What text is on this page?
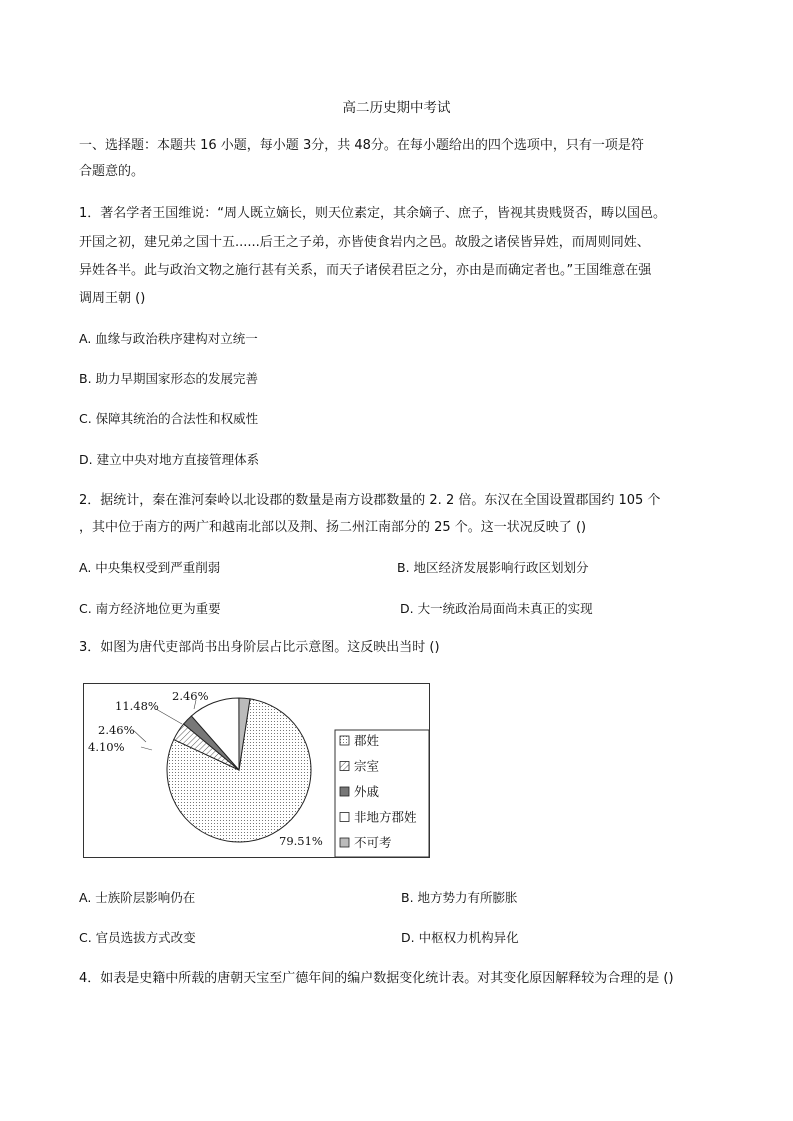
高二历史期中考试
一、选择题：本题共 16 小题，每小题 3分，共 48分。在每小题给出的四个选项中，只有一项是符
合题意的。
1．著名学者王国维说：“周人既立嫡长，则天位素定，其余嫡子、庶子，皆视其贵贱贤否，畴以国邑。
开国之初，建兄弟之国十五......后王之子弟，亦皆使食岩内之邑。故殷之诸侯皆异姓，而周则同姓、
异姓各半。此与政治文物之施行甚有关系，而天子诸侯君臣之分，亦由是而确定者也。”王国维意在强
调周王朝 ()
A. 血缘与政治秩序建构对立统一
B. 助力早期国家形态的发展完善
C. 保障其统治的合法性和权威性
D. 建立中央对地方直接管理体系
2．据统计，秦在淮河秦岭以北设郡的数量是南方设郡数量的 2. 2 倍。东汉在全国设置郡国约 105 个
，其中位于南方的两广和越南北部以及荆、扬二州江南部分的 25 个。这一状况反映了 ()
A. 中央集权受到严重削弱	B. 地区经济发展影响行政区划划分
C. 南方经济地位更为重要	D. 大一统政治局面尚未真正的实现
3．如图为唐代吏部尚书出身阶层占比示意图。这反映出当时 ()
79.51%
4.10%
2.46%
11.48%
2.46%
郡姓
宗室
外戚
非地方郡姓
不可考
A. 士族阶层影响仍在	B. 地方势力有所膨胀
C. 官员选拔方式改变	D. 中枢权力机构异化
4．如表是史籍中所载的唐朝天宝至广德年间的编户数据变化统计表。对其变化原因解释较为合理的是 ()
